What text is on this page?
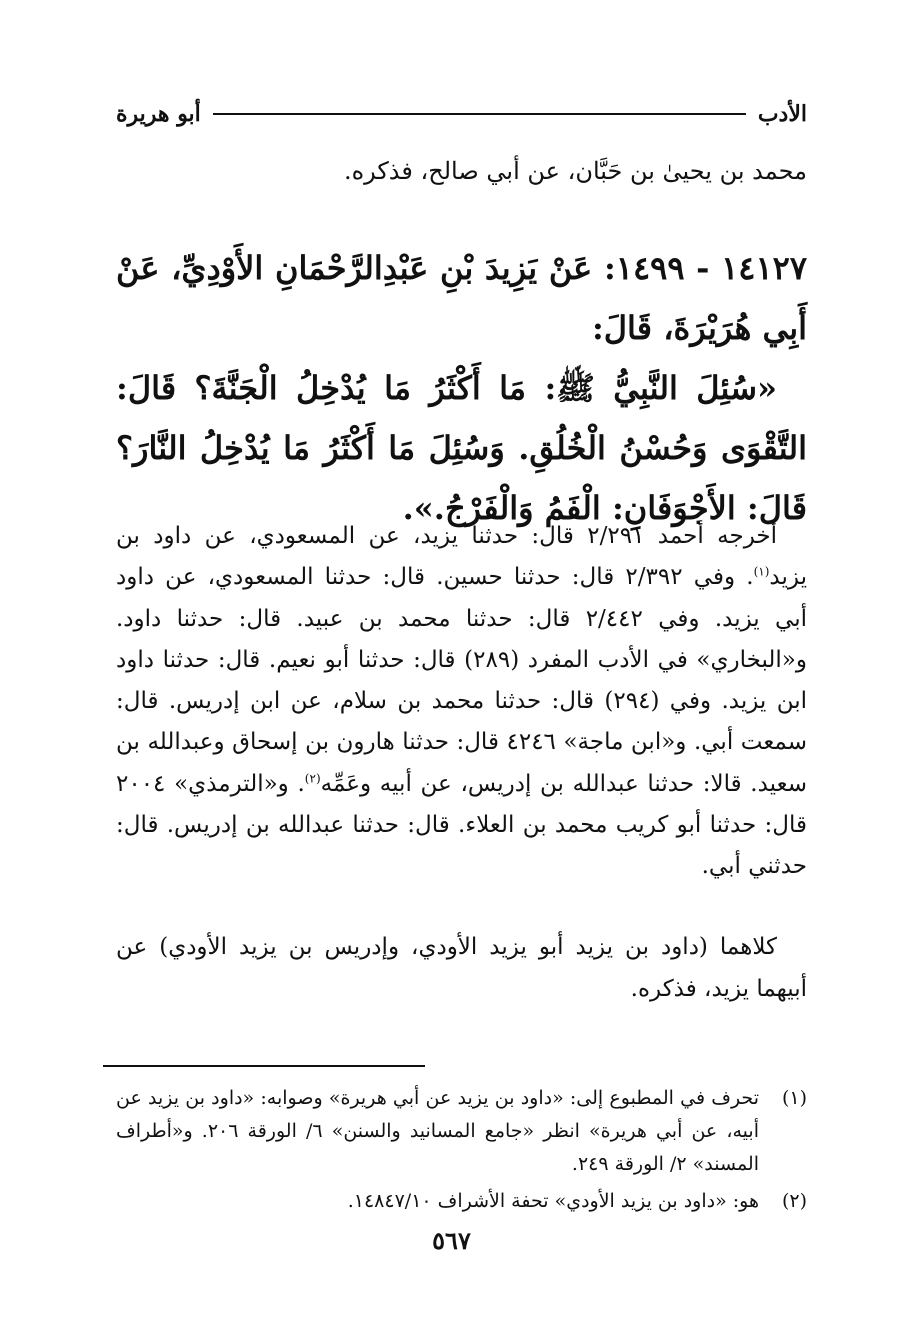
الأدب
أبو هريرة
محمد بن يحيىٰ بن حَبَّان، عن أبي صالح، فذكره.

١٤١٢٧ - ١٤٩٩: عَنْ يَزِيدَ بْنِ عَبْدِالرَّحْمَانِ الأَوْدِيِّ، عَنْ أَبِي هُرَيْرَةَ، قَالَ:

«سُئِلَ النَّبِيُّ ﷺ: مَا أَكْثَرُ مَا يُدْخِلُ الْجَنَّةَ؟ قَالَ: التَّقْوَى وَحُسْنُ الْخُلُقِ. وَسُئِلَ مَا أَكْثَرُ مَا يُدْخِلُ النَّارَ؟ قَالَ: الأَجْوَفَانِ: الْفَمُ وَالْفَرْجُ.».

أخرجه أحمد ٢/٢٩١ قال: حدثنا يزيد، عن المسعودي، عن داود بن يزيد$^{(١)}$. وفي ٢/٣٩٢ قال: حدثنا حسين. قال: حدثنا المسعودي، عن داود أبي يزيد. وفي ٢/٤٤٢ قال: حدثنا محمد بن عبيد. قال: حدثنا داود. و«البخاري» في الأدب المفرد (٢٨٩) قال: حدثنا أبو نعيم. قال: حدثنا داود ابن يزيد. وفي (٢٩٤) قال: حدثنا محمد بن سلام، عن ابن إدريس. قال: سمعت أبي. و«ابن ماجة» ٤٢٤٦ قال: حدثنا هارون بن إسحاق وعبدالله بن سعيد. قالا: حدثنا عبدالله بن إدريس، عن أبيه وعَمِّه$^{(٢)}$. و«الترمذي» ٢٠٠٤ قال: حدثنا أبو كريب محمد بن العلاء. قال: حدثنا عبدالله بن إدريس. قال: حدثني أبي.
كلاهما (داود بن يزيد أبو يزيد الأودي، وإدريس بن يزيد الأودي) عن أبيهما يزيد، فذكره.
(١)
تحرف في المطبوع إلى: «داود بن يزيد عن أبي هريرة» وصوابه: «داود بن يزيد عن أبيه، عن أبي هريرة» انظر «جامع المسانيد والسنن» ٦/ الورقة ٢٠٦. و«أطراف المسند» ٢/ الورقة ٢٤٩.
(٢)
هو: «داود بن يزيد الأودي» تحفة الأشراف ١٤٨٤٧/١٠.
٥٦٧
